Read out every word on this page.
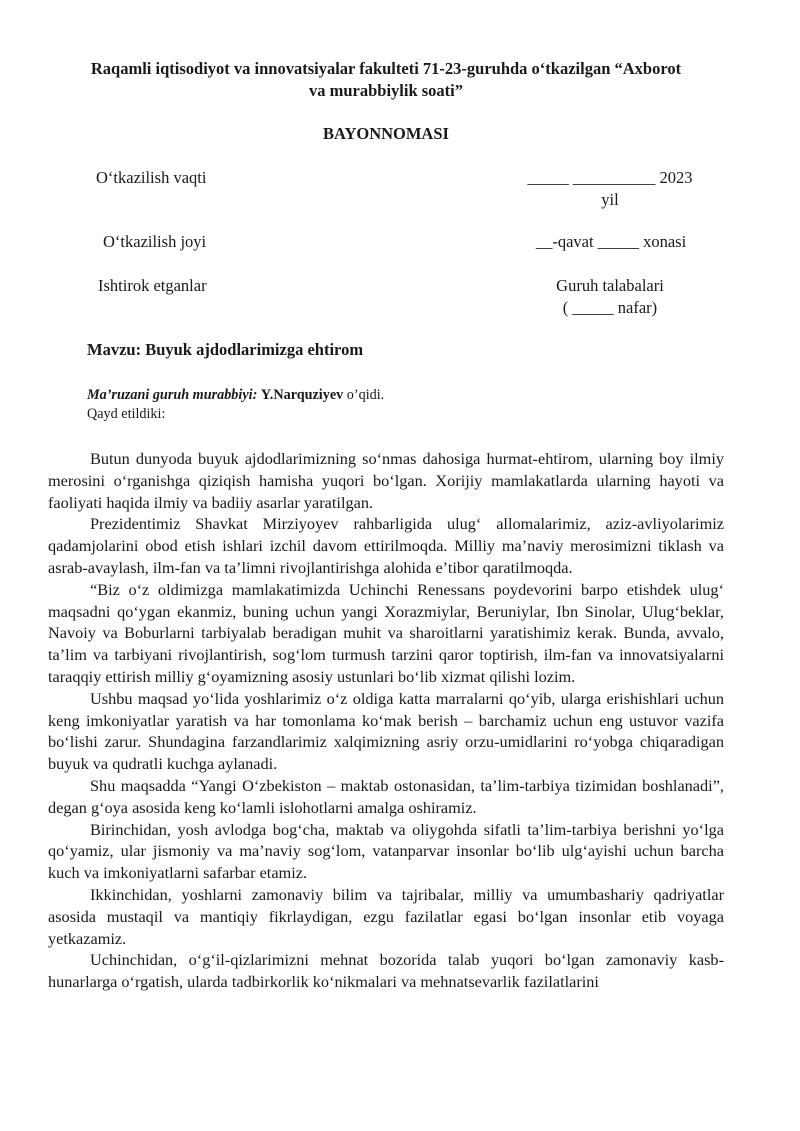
Raqamli iqtisodiyot va innovatsiyalar fakulteti 71-23-guruhda o‘tkazilgan “Axborot
va murabbiylik soati”
BAYONNOMASI
O‘tkazilish vaqti	_____ __________ 2023
yil
O‘tkazilish joyi	__-qavat _____ xonasi
Ishtirok etganlar	Guruh talabalari
( _____ nafar)
Mavzu: Buyuk ajdodlarimizga ehtirom
Ma’ruzani guruh murabbiyi: Y.Narquziyev o’qidi.
Qayd etildiki:

Butun dunyoda buyuk ajdodlarimizning so‘nmas dahosiga hurmat-ehtirom, ularning boy ilmiy merosini o‘rganishga qiziqish hamisha yuqori bo‘lgan. Xorijiy mamlakatlarda ularning hayoti va faoliyati haqida ilmiy va badiiy asarlar yaratilgan.

Prezidentimiz Shavkat Mirziyoyev rahbarligida ulug‘ allomalarimiz, aziz-avliyolarimiz qadamjolarini obod etish ishlari izchil davom ettirilmoqda. Milliy ma’naviy merosimizni tiklash va asrab-avaylash, ilm-fan va ta’limni rivojlantirishga alohida e’tibor qaratilmoqda.

“Biz o‘z oldimizga mamlakatimizda Uchinchi Renessans poydevorini barpo etishdek ulug‘ maqsadni qo‘ygan ekanmiz, buning uchun yangi Xorazmiylar, Beruniylar, Ibn Sinolar, Ulug‘beklar, Navoiy va Boburlarni tarbiyalab beradigan muhit va sharoitlarni yaratishimiz kerak. Bunda, avvalo, ta’lim va tarbiyani rivojlantirish, sog‘lom turmush tarzini qaror toptirish, ilm-fan va innovatsiyalarni taraqqiy ettirish milliy g‘oyamizning asosiy ustunlari bo‘lib xizmat qilishi lozim.

Ushbu maqsad yo‘lida yoshlarimiz o‘z oldiga katta marralarni qo‘yib, ularga erishishlari uchun keng imkoniyatlar yaratish va har tomonlama ko‘mak berish – barchamiz uchun eng ustuvor vazifa bo‘lishi zarur. Shundagina farzandlarimiz xalqimizning asriy orzu-umidlarini ro‘yobga chiqaradigan buyuk va qudratli kuchga aylanadi.

Shu maqsadda “Yangi O‘zbekiston – maktab ostonasidan, ta’lim-tarbiya tizimidan boshlanadi”, degan g‘oya asosida keng ko‘lamli islohotlarni amalga oshiramiz.

Birinchidan, yosh avlodga bog‘cha, maktab va oliygohda sifatli ta’lim-tarbiya berishni yo‘lga qo‘yamiz, ular jismoniy va ma’naviy sog‘lom, vatanparvar insonlar bo‘lib ulg‘ayishi uchun barcha kuch va imkoniyatlarni safarbar etamiz.

Ikkinchidan, yoshlarni zamonaviy bilim va tajribalar, milliy va umumbashariy qadriyatlar asosida mustaqil va mantiqiy fikrlaydigan, ezgu fazilatlar egasi bo‘lgan insonlar etib voyaga yetkazamiz.

Uchinchidan, o‘g‘il-qizlarimizni mehnat bozorida talab yuqori bo‘lgan zamonaviy kasb-hunarlarga o‘rgatish, ularda tadbirkorlik ko‘nikmalari va mehnatsevarlik fazilatlarini
